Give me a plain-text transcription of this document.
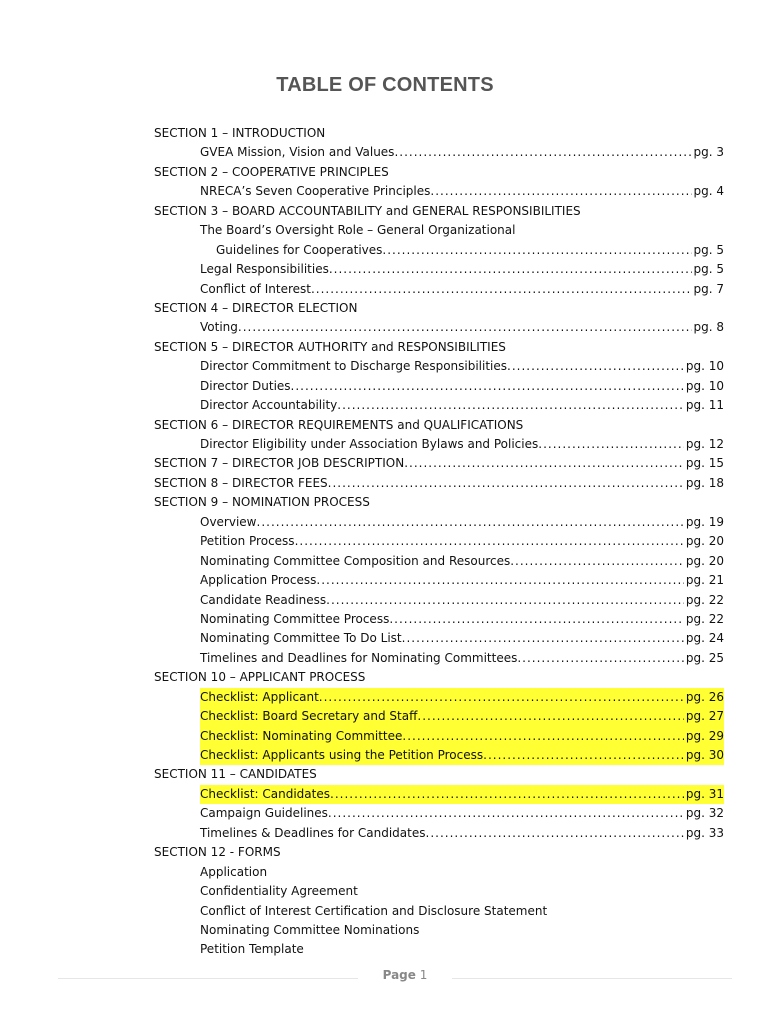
TABLE OF CONTENTS
SECTION 1 – INTRODUCTION
GVEA Mission, Vision and Values .....	pg. 3
SECTION 2 – COOPERATIVE PRINCIPLES
NRECA’s Seven Cooperative Principles .....	pg. 4
SECTION 3 – BOARD ACCOUNTABILITY and GENERAL RESPONSIBILITIES
The Board’s Oversight Role – General Organizational
Guidelines for Cooperatives .....	pg. 5
Legal Responsibilities .....	pg. 5
Conflict of Interest .....	pg. 7
SECTION 4 – DIRECTOR ELECTION
Voting .....	pg. 8
SECTION 5 – DIRECTOR AUTHORITY and RESPONSIBILITIES
Director Commitment to Discharge Responsibilities .....	pg. 10
Director Duties .....	pg. 10
Director Accountability .....	pg. 11
SECTION 6 – DIRECTOR REQUIREMENTS and QUALIFICATIONS
Director Eligibility under Association Bylaws and Policies .....	pg. 12
SECTION 7 – DIRECTOR JOB DESCRIPTION .....	pg. 15
SECTION 8 – DIRECTOR FEES .....	pg. 18
SECTION 9 – NOMINATION PROCESS
Overview .....	pg. 19
Petition Process .....	pg. 20
Nominating Committee Composition and Resources .....	pg. 20
Application Process .....	pg. 21
Candidate Readiness .....	pg. 22
Nominating Committee Process .....	pg. 22
Nominating Committee To Do List .....	pg. 24
Timelines and Deadlines for Nominating Committees .....	pg. 25
SECTION 10 – APPLICANT PROCESS
Checklist: Applicant .....	pg. 26
Checklist: Board Secretary and Staff .....	pg. 27
Checklist: Nominating Committee .....	pg. 29
Checklist: Applicants using the Petition Process .....	pg. 30
SECTION 11 – CANDIDATES
Checklist: Candidates .....	pg. 31
Campaign Guidelines .....	pg. 32
Timelines & Deadlines for Candidates .....	pg. 33
SECTION 12 - FORMS
Application
Confidentiality Agreement
Conflict of Interest Certification and Disclosure Statement
Nominating Committee Nominations
Petition Template
Page 1
